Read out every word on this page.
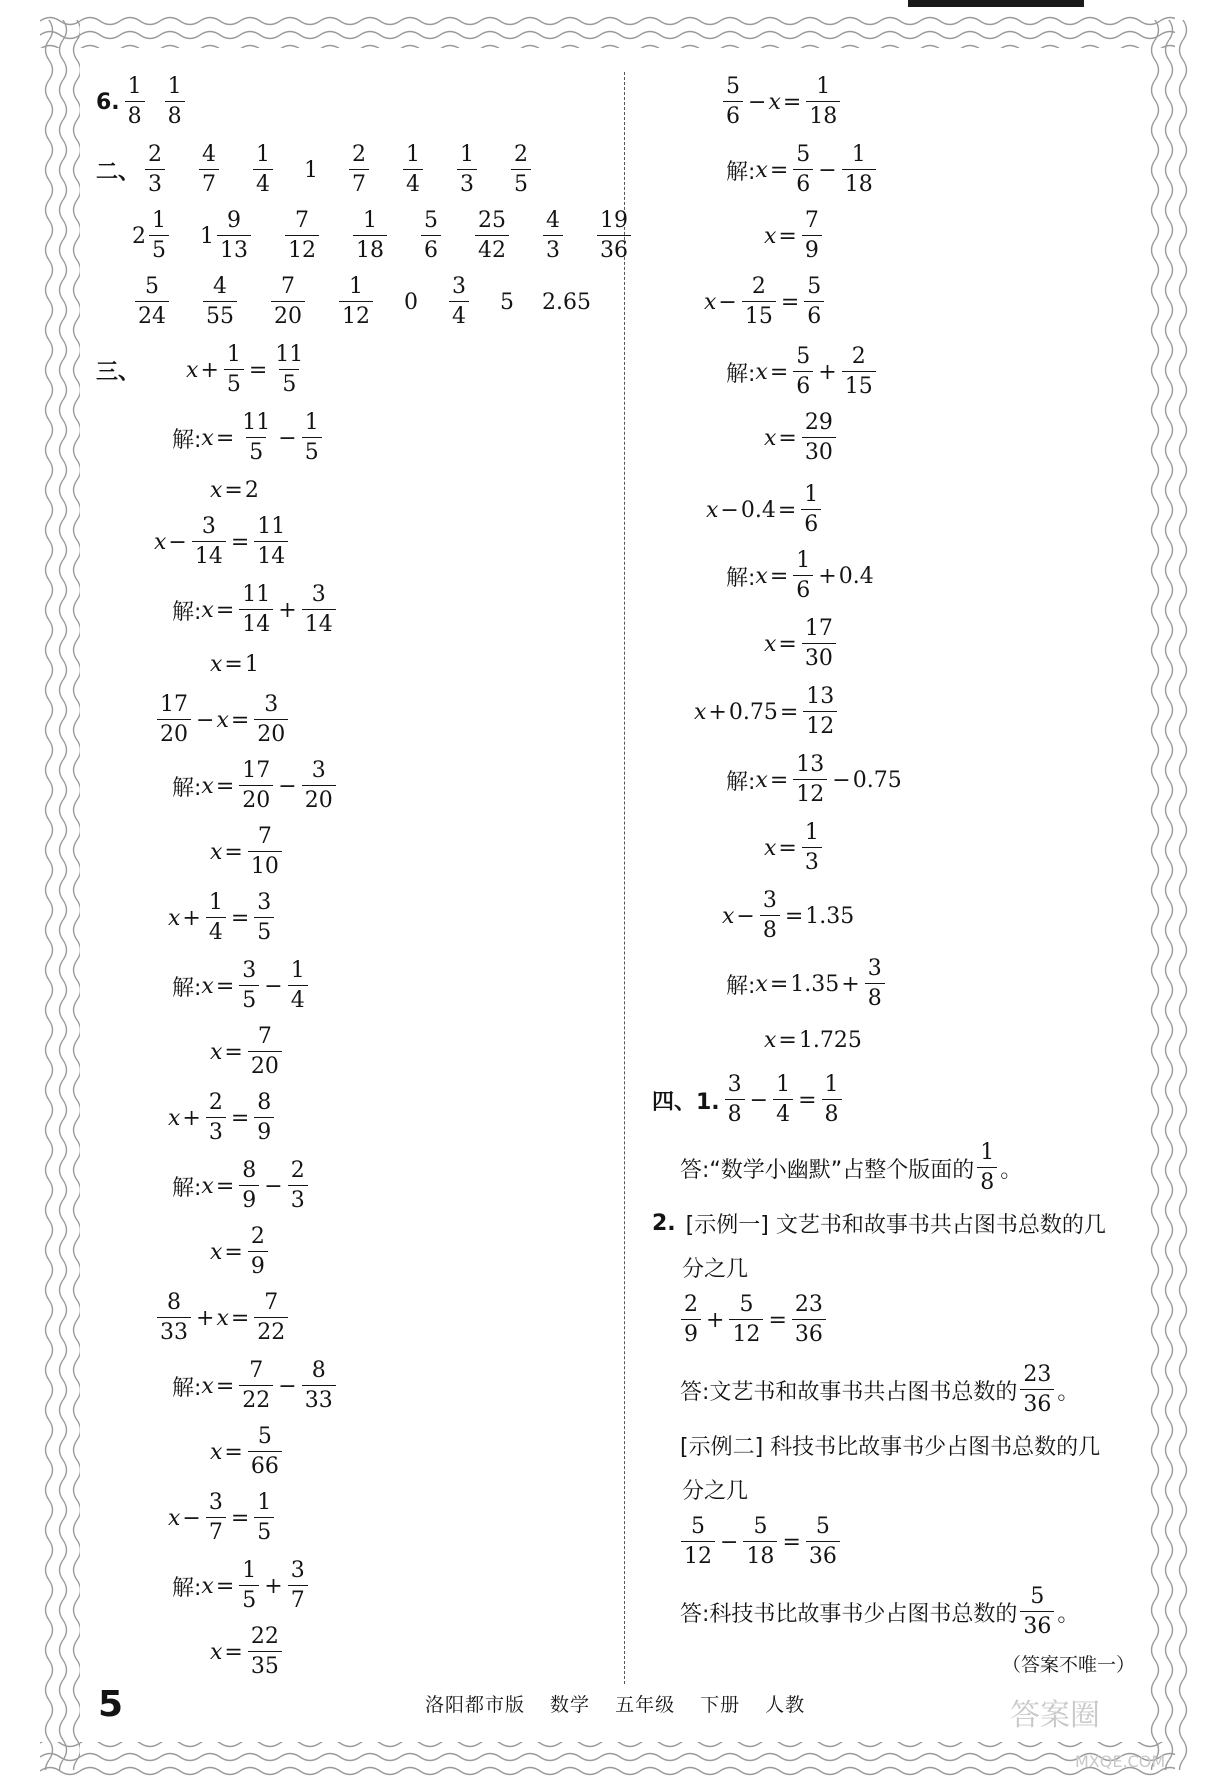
6.
1
8
1
8
二、
2
3
4
7
1
4
1
2
7
1
4
1
3
2
5
2
1
5
1
9
13
7
12
1
18
5
6
25
42
4
3
19
36
5
24
4
55
7
20
1
12
0
3
4
5 2.65
三、 $x + \frac{1}{5} = \frac{11}{5}$
解: $x = \frac{11}{5} - \frac{1}{5}$
x = 2
$x - \frac{3}{14} = \frac{11}{14}$
解: $x = \frac{11}{14} + \frac{3}{14}$
x = 1
17
20
− $x = \frac{3}{20}$
解: $x = \frac{17}{20} - \frac{3}{20}$
$x = \frac{7}{10}$
$x + \frac{1}{4} = \frac{3}{5}$
解: $x = \frac{3}{5} - \frac{1}{4}$
$x = \frac{7}{20}$
$x + \frac{2}{3} = \frac{8}{9}$
解: $x = \frac{8}{9} - \frac{2}{3}$
$x = \frac{2}{9}$
8
33
+ $x = \frac{7}{22}$
解: $x = \frac{7}{22} - \frac{8}{33}$
$x = \frac{5}{66}$
$x - \frac{3}{7} = \frac{1}{5}$
解: $x = \frac{1}{5} + \frac{3}{7}$
$x = \frac{22}{35}$
5
6
− $x = \frac{1}{18}$
解: $x = \frac{5}{6} - \frac{1}{18}$
$x = \frac{7}{9}$
$x - \frac{2}{15} = \frac{5}{6}$
解: $x = \frac{5}{6} + \frac{2}{15}$
$x = \frac{29}{30}$
$x - 0.4 = \frac{1}{6}$
解: $x = \frac{1}{6} + 0.4$
$x = \frac{17}{30}$
$x + 0.75 = \frac{13}{12}$
解: $x = \frac{13}{12} - 0.75$
$x = \frac{1}{3}$
$x - \frac{3}{8} = 1.35$
解: $x = 1.35 + \frac{3}{8}$
x = 1.725
四、1.
3
8
− $\frac{1}{4} = \frac{1}{8}$
答:“数学小幽默”占整个版面的
1
8 。
2. [示例一] 文艺书和故事书共占图书总数的几
分之几
2
9
+ $\frac{5}{12} = \frac{23}{36}$
答:文艺书和故事书共占图书总数的
23
36 。
[示例二] 科技书比故事书少占图书总数的几
分之几
5
12
− $\frac{5}{18} = \frac{5}{36}$
答:科技书比故事书少占图书总数的
5
36 。
（答案不唯一）
5	洛阳都市版 数学 五年级 下册 人教	答案圈
MXQE.COM
